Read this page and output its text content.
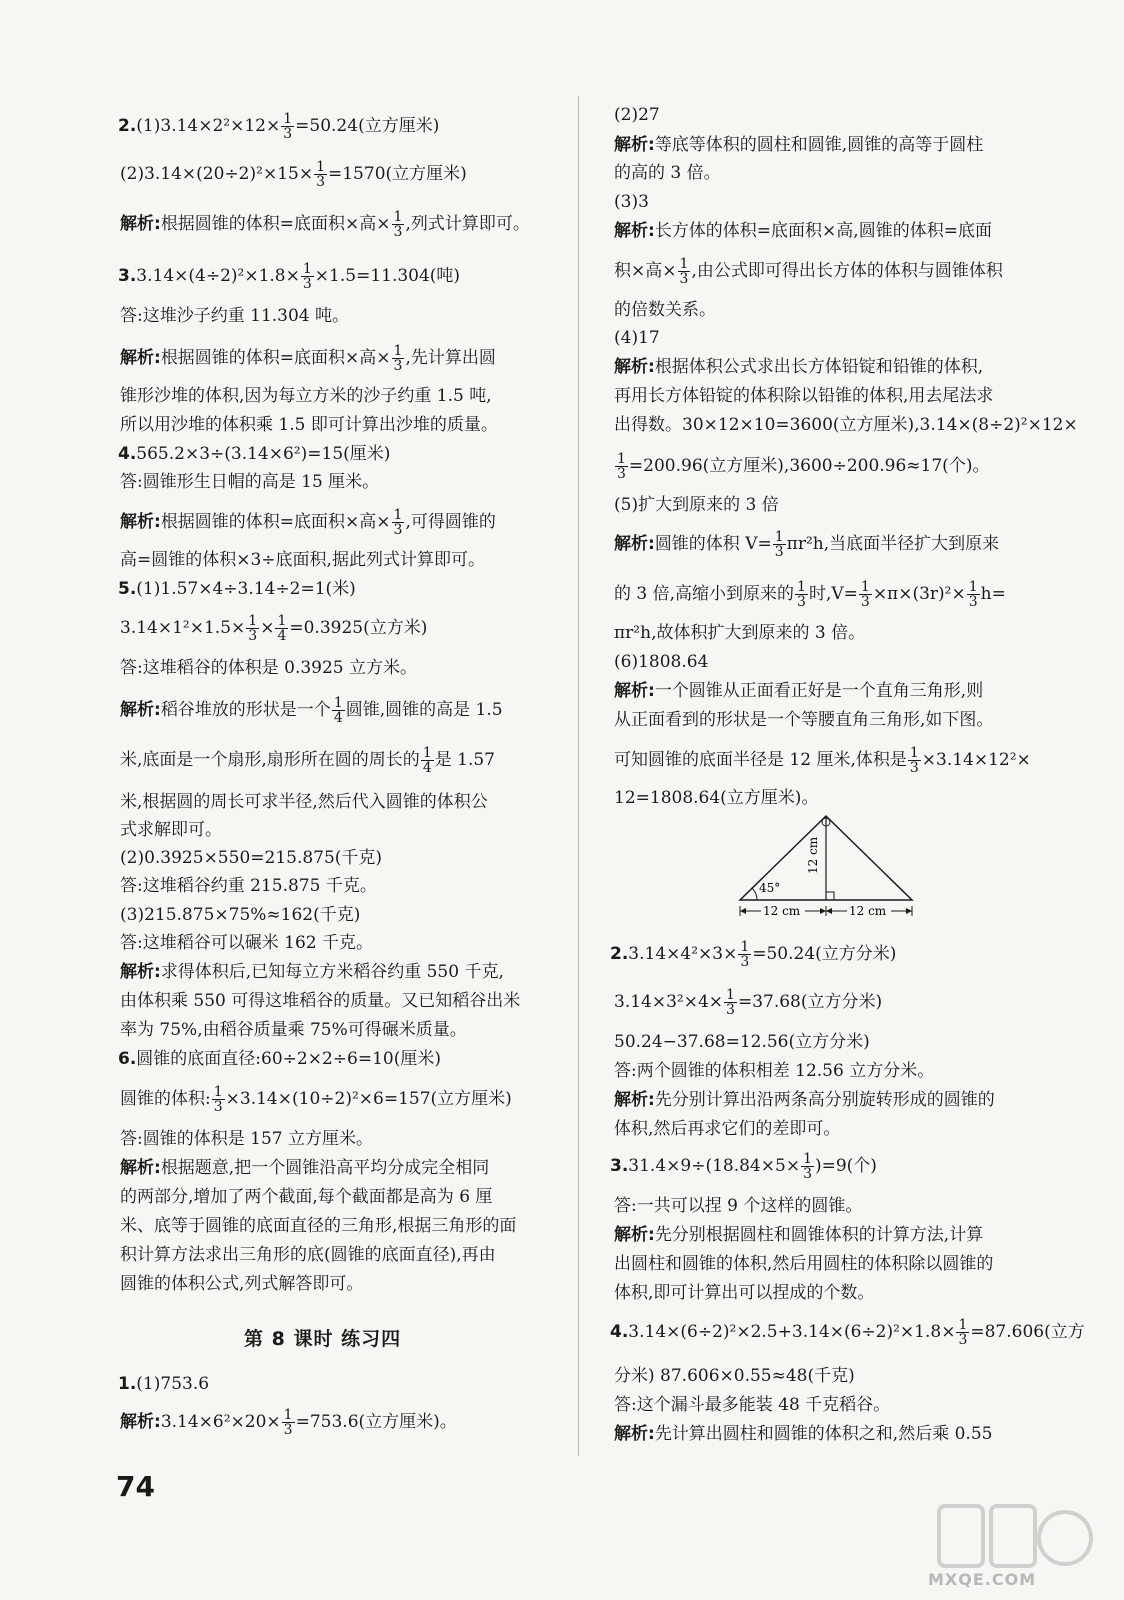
$2.(1)3.14\times 2^2\times 12\times \frac{1}{3} =50.24$(立方厘米)
$(2)3.14\times(20\div 2)^2\times 15\times \frac{1}{3} =1570$(立方厘米)
解析:根据圆锥的体积=底面积×高× $\frac{1}{3}$ ,列式计算即可。
$3.3.14\times(4\div 2)^2\times 1.8\times \frac{1}{3} \times 1.5=11.304$(吨)
答:这堆沙子约重 11.304 吨。
解析:根据圆锥的体积=底面积×高× $\frac{1}{3}$ ,先计算出圆
锥形沙堆的体积,因为每立方米的沙子约重 1.5 吨,
所以用沙堆的体积乘 1.5 即可计算出沙堆的质量。
4.565.2×3÷(3.14×6²)=15(厘米)
答:圆锥形生日帽的高是 15 厘米。
解析:根据圆锥的体积=底面积×高× $\frac{1}{3}$ ,可得圆锥的
高=圆锥的体积×3÷底面积,据此列式计算即可。
5.(1)1.57×4÷3.14÷2=1(米)
$3.14\times 1^2\times 1.5\times \frac{1}{3} \times \frac{1}{4} =0.3925$(立方米)
答:这堆稻谷的体积是 0.3925 立方米。
解析:稻谷堆放的形状是一个 $\frac{1}{4}$ 圆锥,圆锥的高是 1.5
米,底面是一个扇形,扇形所在圆的周长的 $\frac{1}{4}$ 是 1.57
米,根据圆的周长可求半径,然后代入圆锥的体积公
式求解即可。
(2)0.3925×550=215.875(千克)
答:这堆稻谷约重 215.875 千克。
(3)215.875×75%≈162(千克)
答:这堆稻谷可以碾米 162 千克。
解析:求得体积后,已知每立方米稻谷约重 550 千克,
由体积乘 550 可得这堆稻谷的质量。又已知稻谷出米
率为 75%,由稻谷质量乘 75%可得碾米质量。
6.圆锥的底面直径:60÷2×2÷6=10(厘米)
圆锥的体积: $\frac{1}{3} \times 3.14\times(10\div 2)^2\times 6=157$(立方厘米)
答:圆锥的体积是 157 立方厘米。
解析:根据题意,把一个圆锥沿高平均分成完全相同
的两部分,增加了两个截面,每个截面都是高为 6 厘
米、底等于圆锥的底面直径的三角形,根据三角形的面
积计算方法求出三角形的底(圆锥的底面直径),再由
圆锥的体积公式,列式解答即可。
第 8 课时 练习四
1.(1)753.6
解析:3.14×6²×20× $\frac{1}{3} =753.6$(立方厘米)。
(2)27
解析:等底等体积的圆柱和圆锥,圆锥的高等于圆柱
的高的 3 倍。
(3)3
解析:长方体的体积=底面积×高,圆锥的体积=底面
积×高× $\frac{1}{3}$ ,由公式即可得出长方体的体积与圆锥体积
的倍数关系。
(4)17
解析:根据体积公式求出长方体铅锭和铅锥的体积,
再用长方体铅锭的体积除以铅锥的体积,用去尾法求
出得数。30×12×10=3600(立方厘米),3.14×(8÷2)²×12×
$\frac{1}{3} =200.96$(立方厘米),3600÷200.96≈17(个)。
(5)扩大到原来的 3 倍
解析:圆锥的体积 $V= \frac{1}{3} \pi r^2h$,当底面半径扩大到原来
的 3 倍,高缩小到原来的 $\frac{1}{3}$ 时$,V= \frac{1}{3} \times\pi\times(3r)^2\times \frac{1}{3} h=$
πr²h,故体积扩大到原来的 3 倍。
(6)1808.64
解析:一个圆锥从正面看正好是一个直角三角形,则
从正面看到的形状是一个等腰直角三角形,如下图。
可知圆锥的底面半径是 12 厘米,体积是 $\frac{1}{3} \times 3.14\times 12^2\times$
12=1808.64(立方厘米)。
$2.3.14\times 4^2\times 3\times \frac{1}{3} =50.24$(立方分米)
$3.14\times 3^2\times 4\times \frac{1}{3} =37.68$(立方分米)
50.24−37.68=12.56(立方分米)
答:两个圆锥的体积相差 12.56 立方分米。
解析:先分别计算出沿两条高分别旋转形成的圆锥的
体积,然后再求它们的差即可。
$3.31.4\times 9\div(18.84\times 5\times \frac{1}{3} )=9$(个)
答:一共可以捏 9 个这样的圆锥。
解析:先分别根据圆柱和圆锥体积的计算方法,计算
出圆柱和圆锥的体积,然后用圆柱的体积除以圆锥的
体积,即可计算出可以捏成的个数。
$4.3.14\times(6\div 2)^2\times 2.5+3.14\times(6\div 2)^2\times 1.8\times \frac{1}{3} =87.606$(立方
分米) 87.606×0.55≈48(千克)
答:这个漏斗最多能装 48 千克稻谷。
解析:先计算出圆柱和圆锥的体积之和,然后乘 0.55
45°
12 cm
12 cm	12 cm
74
MXQE.COM
